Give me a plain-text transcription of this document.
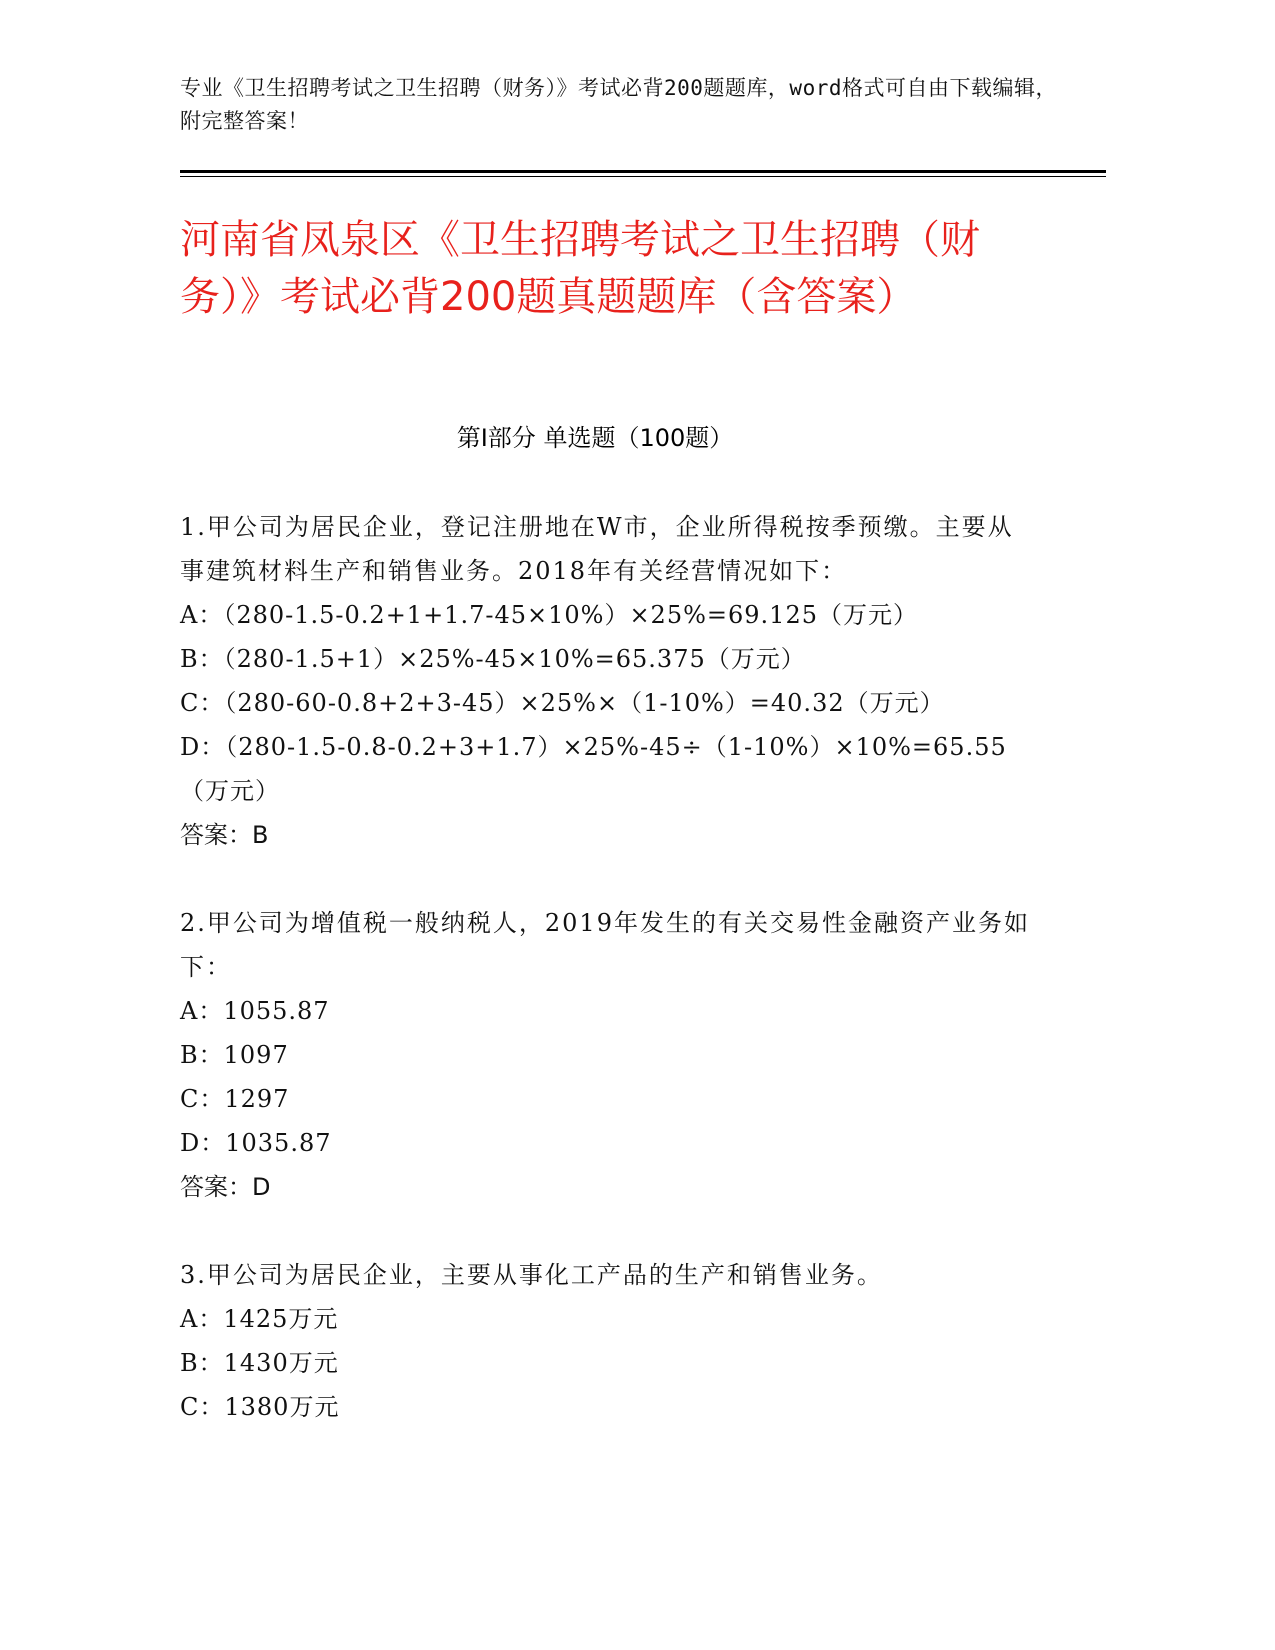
专业《卫生招聘考试之卫生招聘（财务）》考试必背200题题库，word格式可自由下载编辑，附完整答案！
河南省凤泉区《卫生招聘考试之卫生招聘（财务）》考试必背200题真题题库（含答案）
第Ⅰ部分 单选题（100题）

1.甲公司为居民企业，登记注册地在W市，企业所得税按季预缴。主要从事建筑材料生产和销售业务。2018年有关经营情况如下：

A：（280-1.5-0.2+1+1.7-45×10%）×25%=69.125（万元）

B：（280-1.5+1）×25%-45×10%=65.375（万元）

C：（280-60-0.8+2+3-45）×25%×（1-10%）=40.32（万元）

D：（280-1.5-0.8-0.2+3+1.7）×25%-45÷（1-10%）×10%=65.55（万元）

答案：B

2.甲公司为增值税一般纳税人，2019年发生的有关交易性金融资产业务如下：

A：1055.87

B：1097

C：1297

D：1035.87

答案：D

3.甲公司为居民企业，主要从事化工产品的生产和销售业务。

A：1425万元

B：1430万元

C：1380万元
